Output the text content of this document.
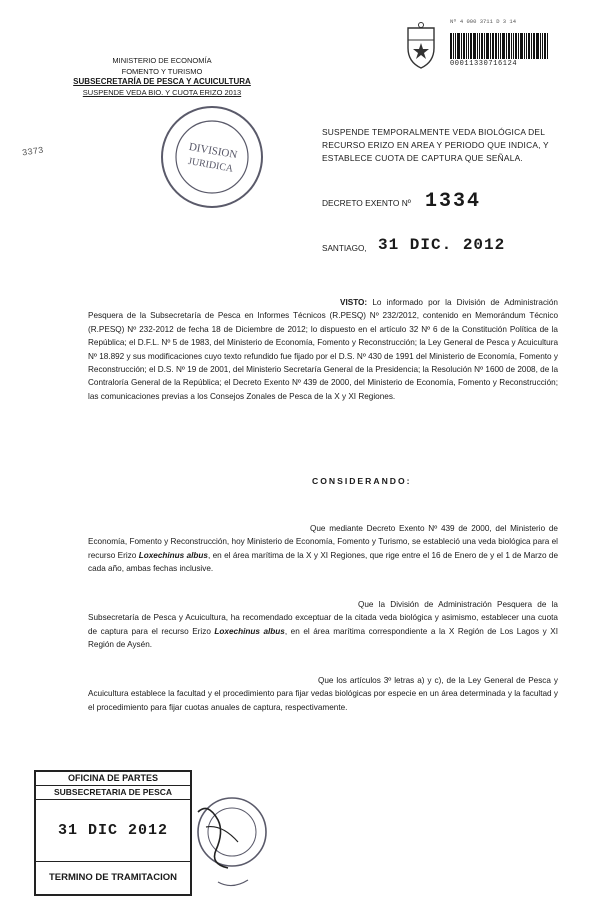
MINISTERIO DE ECONOMÍA
FOMENTO Y TURISMO
SUBSECRETARÍA DE PESCA Y ACUICULTURA
SUSPENDE VEDA BIO. Y CUOTA ERIZO 2013
3373
Nº 4 000 3711 D 3 14
00011330716124
DIVISION
JURIDICA
SUSPENDE TEMPORALMENTE VEDA BIOLÓGICA DEL RECURSO ERIZO EN AREA Y PERIODO QUE INDICA, Y ESTABLECE CUOTA DE CAPTURA QUE SEÑALA.
DECRETO EXENTO Nº 1334
SANTIAGO, 31 DIC. 2012
VISTO: Lo informado por la División de Administración Pesquera de la Subsecretaría de Pesca en Informes Técnicos (R.PESQ) Nº 232/2012, contenido en Memorándum Técnico (R.PESQ) Nº 232-2012 de fecha 18 de Diciembre de 2012; lo dispuesto en el artículo 32 Nº 6 de la Constitución Política de la República; el D.F.L. Nº 5 de 1983, del Ministerio de Economía, Fomento y Reconstrucción; la Ley General de Pesca y Acuicultura Nº 18.892 y sus modificaciones cuyo texto refundido fue fijado por el D.S. Nº 430 de 1991 del Ministerio de Economía, Fomento y Reconstrucción; el D.S. Nº 19 de 2001, del Ministerio Secretaría General de la Presidencia; la Resolución Nº 1600 de 2008, de la Contraloría General de la República; el Decreto Exento Nº 439 de 2000, del Ministerio de Economía, Fomento y Reconstrucción; las comunicaciones previas a los Consejos Zonales de Pesca de la X y XI Regiones.
CONSIDERANDO:
Que mediante Decreto Exento Nº 439 de 2000, del Ministerio de Economía, Fomento y Reconstrucción, hoy Ministerio de Economía, Fomento y Turismo, se estableció una veda biológica para el recurso Erizo Loxechinus albus, en el área marítima de la X y XI Regiones, que rige entre el 16 de Enero de y el 1 de Marzo de cada año, ambas fechas inclusive.
Que la División de Administración Pesquera de la Subsecretaría de Pesca y Acuicultura, ha recomendado exceptuar de la citada veda biológica y asimismo, establecer una cuota de captura para el recurso Erizo Loxechinus albus, en el área marítima correspondiente a la X Región de Los Lagos y XI Región de Aysén.
Que los artículos 3º letras a) y c), de la Ley General de Pesca y Acuicultura establece la facultad y el procedimiento para fijar vedas biológicas por especie en un área determinada y la facultad y el procedimiento para fijar cuotas anuales de captura, respectivamente.
OFICINA DE PARTES
SUBSECRETARIA DE PESCA
31 DIC 2012
TERMINO DE TRAMITACION
